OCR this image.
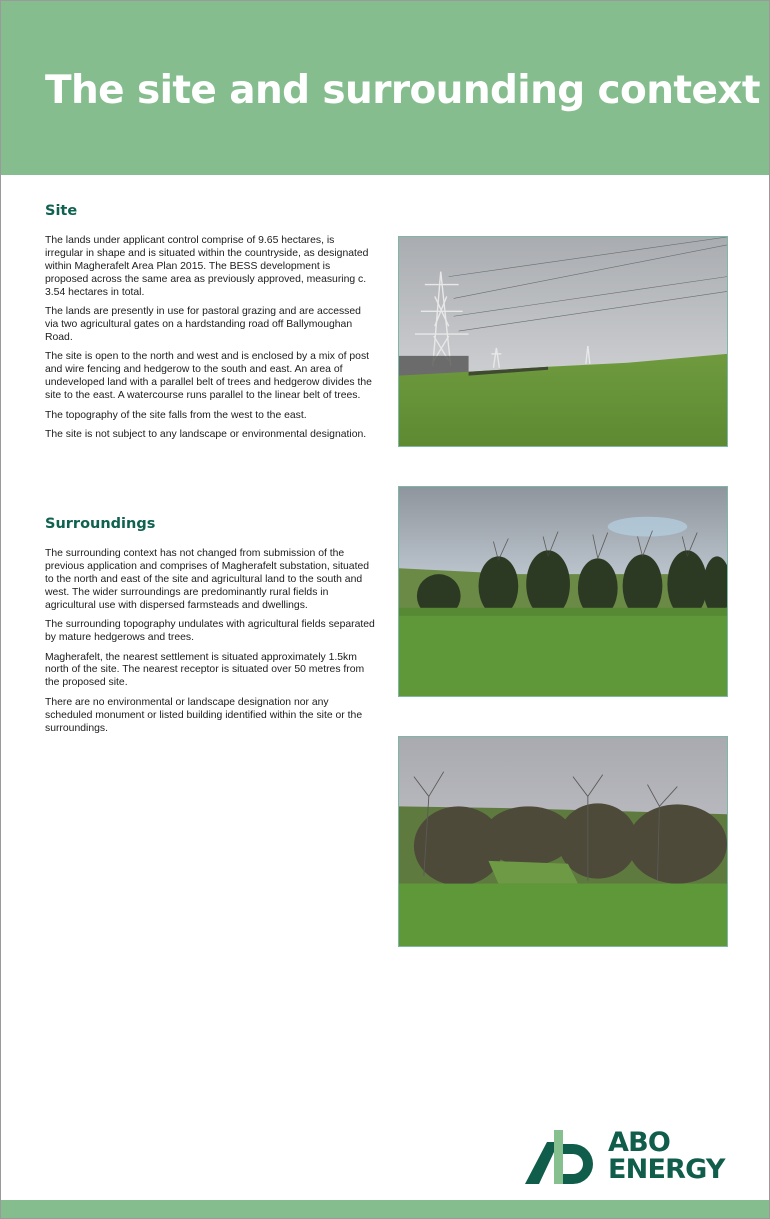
The site and surrounding context
Site

The lands under applicant control comprise of 9.65 hectares, is irregular in shape and is situated within the countryside, as designated within Magherafelt Area Plan 2015. The BESS development is proposed across the same area as previously approved, measuring c. 3.54 hectares in total.

The lands are presently in use for pastoral grazing and are accessed via two agricultural gates on a hardstanding road off Ballymoughan Road.

The site is open to the north and west and is enclosed by a mix of post and wire fencing and hedgerow to the south and east. An area of undeveloped land with a parallel belt of trees and hedgerow divides the site to the east. A watercourse runs parallel to the linear belt of trees.

The topography of the site falls from the west to the east.

The site is not subject to any landscape or environmental designation.

Surroundings

The surrounding context has not changed from submission of the previous application and comprises of Magherafelt substation, situated to the north and east of the site and agricultural land to the south and west. The wider surroundings are predominantly rural fields in agricultural use with dispersed farmsteads and dwellings.

The surrounding topography undulates with agricultural fields separated by mature hedgerows and trees.

Magherafelt, the nearest settlement is situated approximately 1.5km north of the site. The nearest receptor is situated over 50 metres from the proposed site.

There are no environmental or landscape designation nor any scheduled monument or listed building identified within the site or the surroundings.

ABO
ENERGY
